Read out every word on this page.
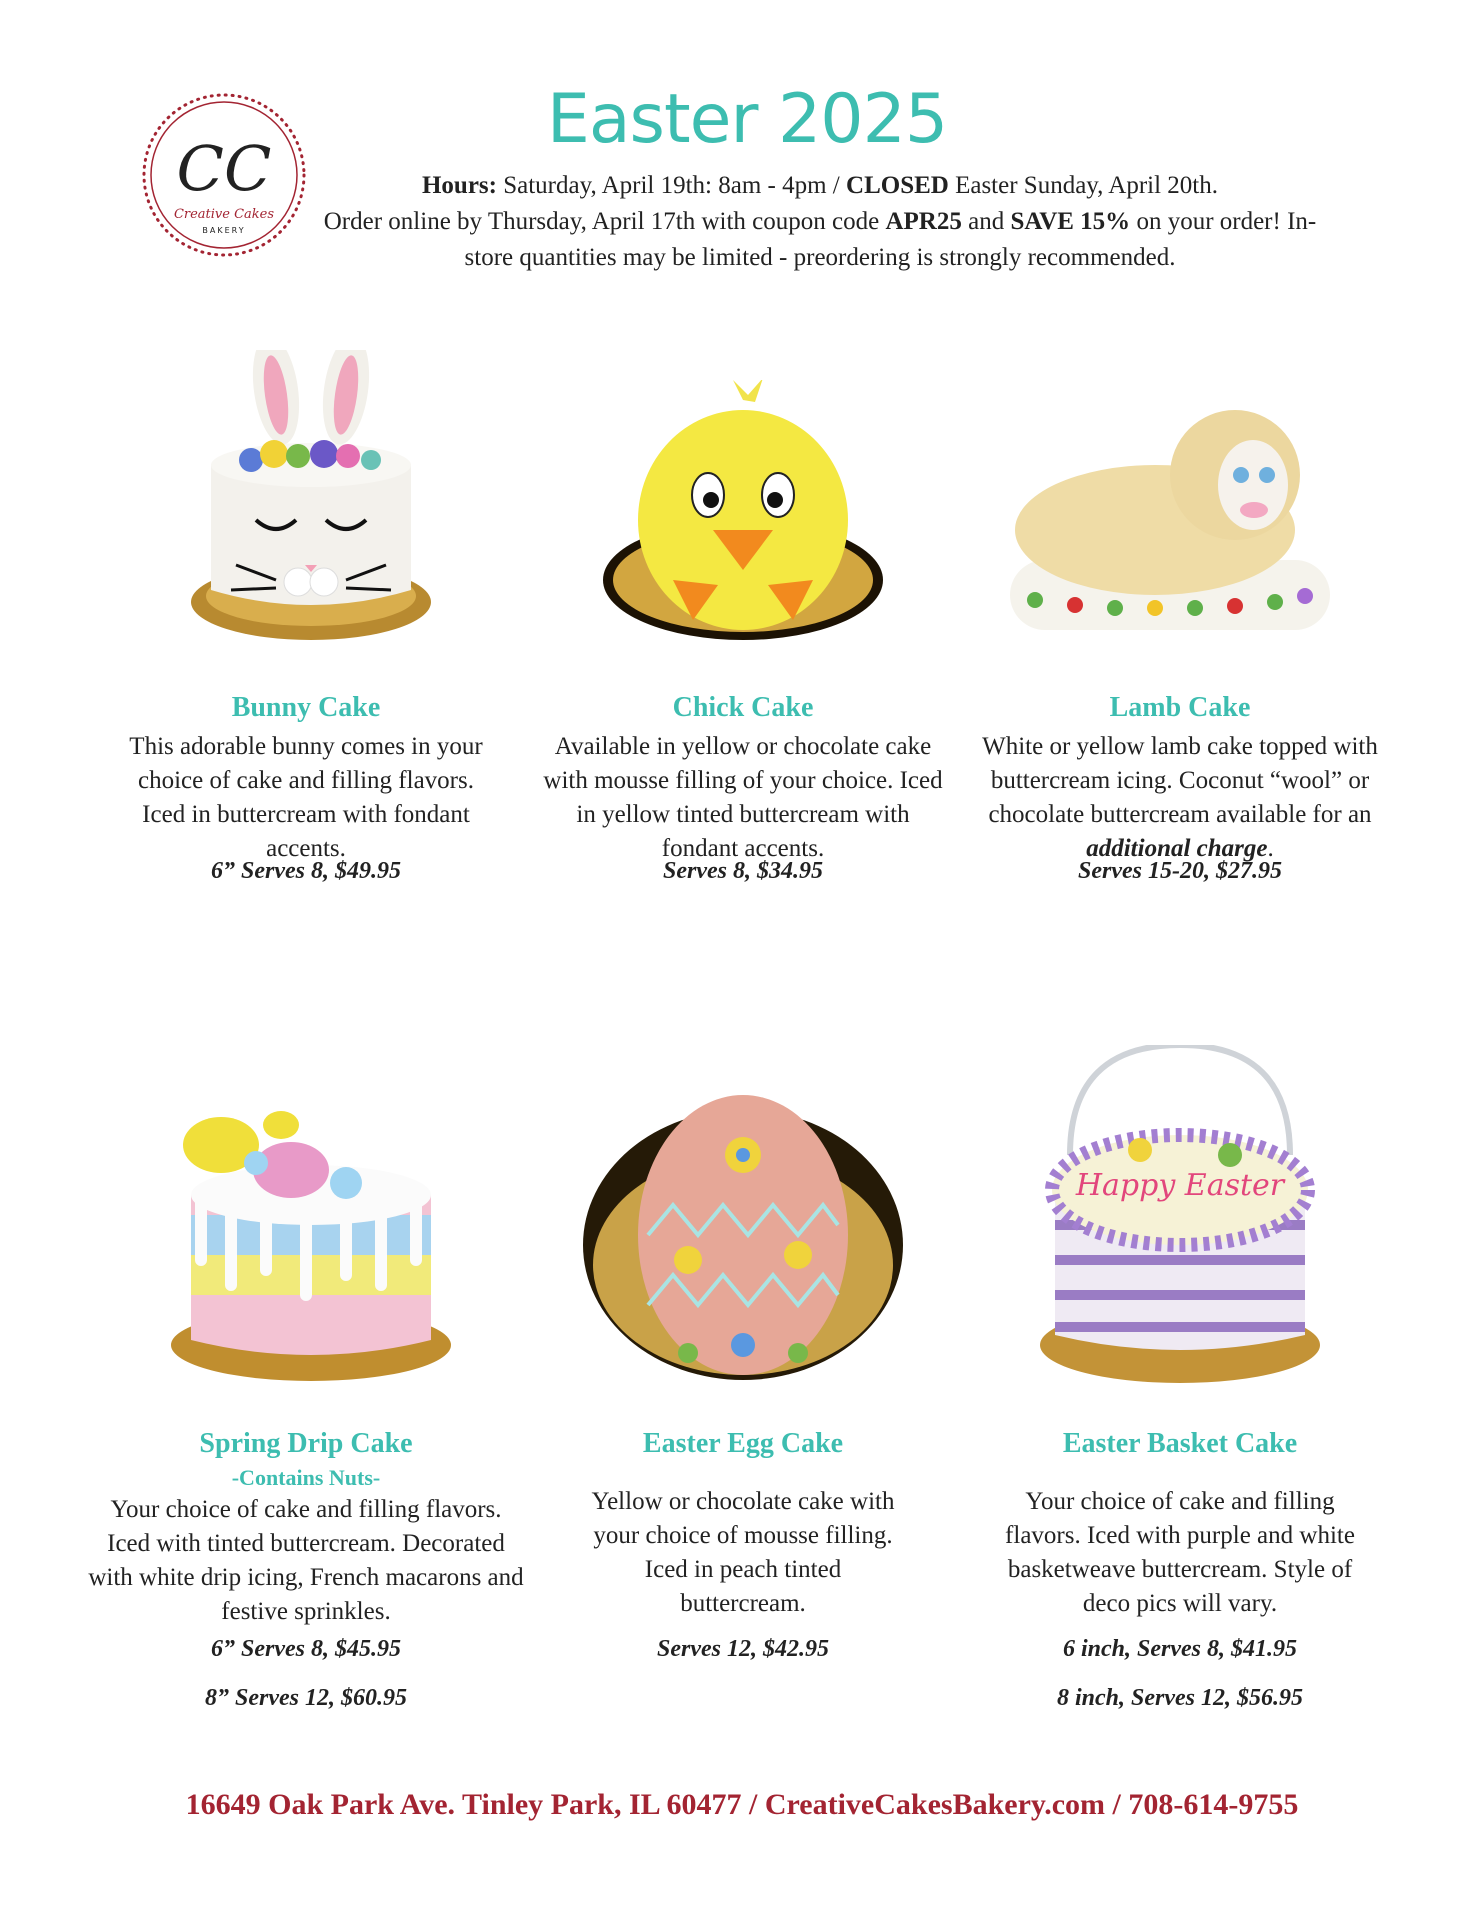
CC
Creative Cakes
BAKERY
Easter 2025
Hours: Saturday, April 19th: 8am - 4pm / CLOSED Easter Sunday, April 20th.
Order online by Thursday, April 17th with coupon code APR25 and SAVE 15% on your order! In-store quantities may be limited - preordering is strongly recommended.
Bunny Cake
This adorable bunny comes in your choice of cake and filling flavors. Iced in buttercream with fondant accents.
6” Serves 8, $49.95
Chick Cake
Available in yellow or chocolate cake with mousse filling of your choice. Iced in yellow tinted buttercream with fondant accents.
Serves 8, $34.95
Lamb Cake
White or yellow lamb cake topped with buttercream icing. Coconut “wool” or chocolate buttercream available for an additional charge.
Serves 15-20, $27.95
Spring Drip Cake
-Contains Nuts-
Your choice of cake and filling flavors. Iced with tinted buttercream. Decorated with white drip icing, French macarons and festive sprinkles.
6” Serves 8, $45.95
8” Serves 12, $60.95
Easter Egg Cake
Yellow or chocolate cake with your choice of mousse filling. Iced in peach tinted buttercream.
Serves 12, $42.95
Happy Easter
Easter Basket Cake
Your choice of cake and filling flavors. Iced with purple and white basketweave buttercream. Style of deco pics will vary.
6 inch, Serves 8, $41.95
8 inch, Serves 12, $56.95
16649 Oak Park Ave. Tinley Park, IL 60477 / CreativeCakesBakery.com / 708-614-9755
